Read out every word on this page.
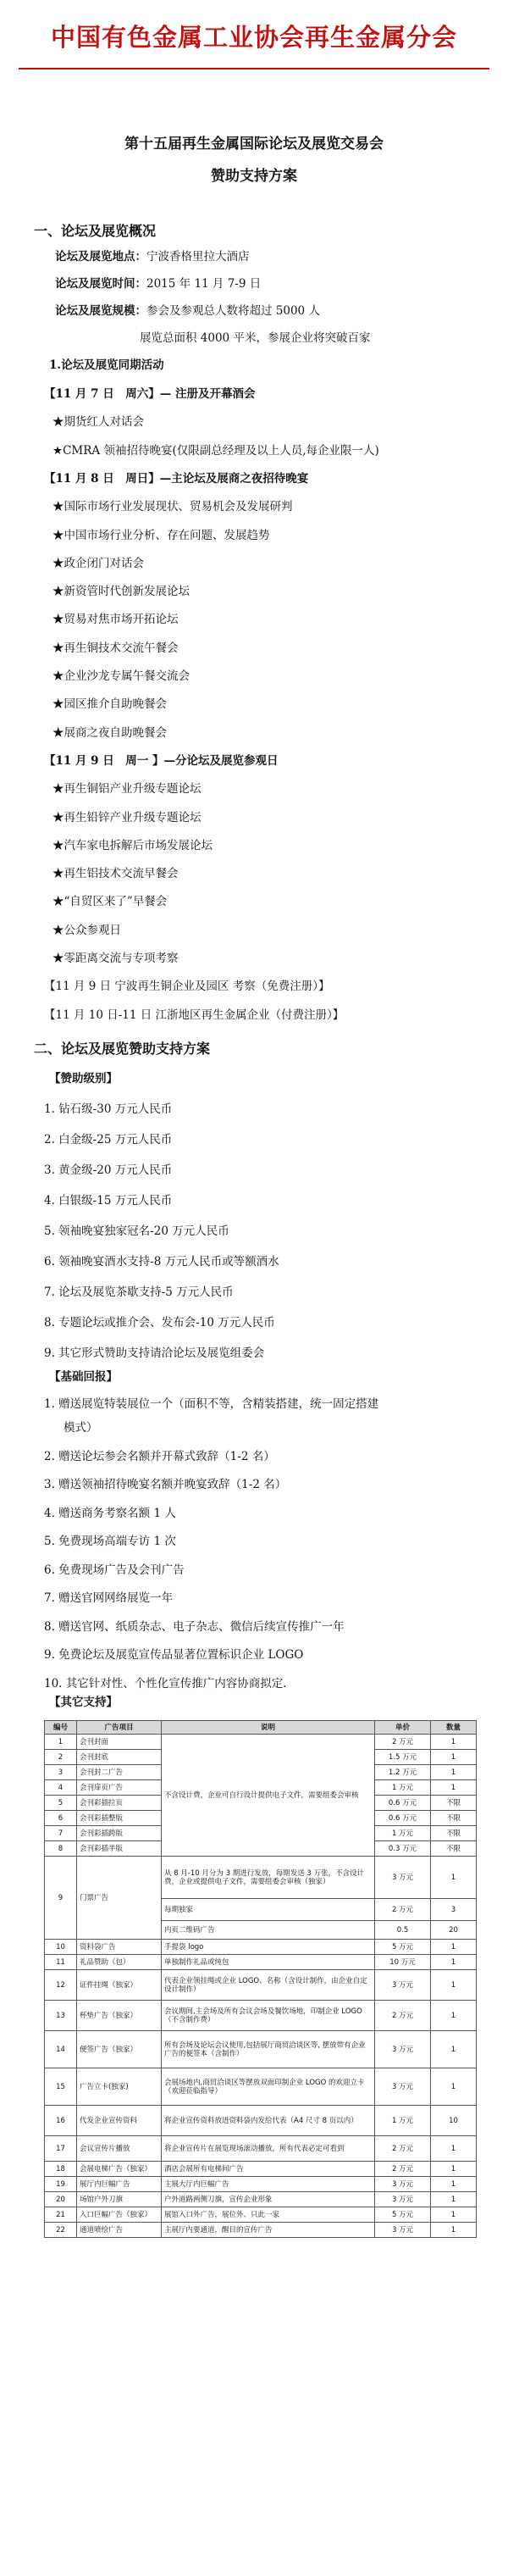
中国有色金属工业协会再生金属分会
第十五届再生金属国际论坛及展览交易会
赞助支持方案
一、论坛及展览概况
论坛及展览地点：宁波香格里拉大酒店
论坛及展览时间：2015 年 11 月 7-9 日
论坛及展览规模：参会及参观总人数将超过 5000 人
展览总面积 4000 平米，参展企业将突破百家
1.论坛及展览同期活动
【11 月 7 日　周六】— 注册及开幕酒会
★期货红人对话会
★CMRA 领袖招待晚宴(仅限副总经理及以上人员,每企业限一人)
【11 月 8 日　周日】—主论坛及展商之夜招待晚宴
★国际市场行业发展现状、贸易机会及发展研判
★中国市场行业分析、存在问题、发展趋势
★政企闭门对话会
★新资管时代创新发展论坛
★贸易对焦市场开拓论坛
★再生铜技术交流午餐会
★企业沙龙专属午餐交流会
★园区推介自助晚餐会
★展商之夜自助晚餐会
【11 月 9 日　周一 】—分论坛及展览参观日
★再生铜铝产业升级专题论坛
★再生铅锌产业升级专题论坛
★汽车家电拆解后市场发展论坛
★再生铝技术交流早餐会
★“自贸区来了”早餐会
★公众参观日
★零距离交流与专项考察
【11 月 9 日 宁波再生铜企业及园区 考察（免费注册）】
【11 月 10 日-11 日 江浙地区再生金属企业（付费注册）】
二、论坛及展览赞助支持方案
【赞助级别】
1. 钻石级-30 万元人民币
2. 白金级-25 万元人民币
3. 黄金级-20 万元人民币
4. 白银级-15 万元人民币
5. 领袖晚宴独家冠名-20 万元人民币
6. 领袖晚宴酒水支持-8 万元人民币或等额酒水
7. 论坛及展览茶歇支持-5 万元人民币
8. 专题论坛或推介会、发布会-10 万元人民币
9. 其它形式赞助支持请洽论坛及展览组委会
【基础回报】
1. 赠送展览特装展位一个（面积不等，含精装搭建，统一固定搭建
模式）
2. 赠送论坛参会名额并开幕式致辞（1-2 名）
3. 赠送领袖招待晚宴名额并晚宴致辞（1-2 名）
4. 赠送商务考察名额 1 人
5. 免费现场高端专访 1 次
6. 免费现场广告及会刊广告
7. 赠送官网网络展览一年
8. 赠送官网、纸质杂志、电子杂志、微信后续宣传推广一年
9. 免费论坛及展览宣传品显著位置标识企业 LOGO
10. 其它针对性、个性化宣传推广内容协商拟定.
【其它支持】
编号	广告项目	说明	单价	数量
1	会刊封面	不含设计费，企业可自行设计提供电子文件，需要组委会审核	2 万元	1
2	会刊封底		1.5 万元	1
3	会刊封二广告		1.2 万元	1
4	会刊扉页广告		1 万元	1
5	会刊彩插拉页		0.6 万元	不限
6	会刊彩插整版		0.6 万元	不限
7	会刊彩插跨版		1 万元	不限
8	会刊彩插半版		0.3 万元	不限
9	门票广告	从 8 月-10 月分为 3 期进行发放，每期发送 3 万张，不含设计费，企业或提供电子文件，需要组委会审核（独家）	3 万元	1
		每期独家	2 万元	3
		内页二维码广告	0.5	20
10	资料袋广告	手提袋 logo	5 万元	1
11	礼品赞助（包）	单独制作礼品或纯包	10 万元	1
12	证件挂绳（独家）	代表企业领挂绳或企业 LOGO、名称（含设计制作，由企业自定设计制作）	3 万元	1
13	杯垫广告（独家）	会议期间,主会场及所有会议会场及餐饮场地，印制企业 LOGO（不含制作费）	2 万元	1
14	便签广告（独家）	所有会场及论坛会议使用,包括展厅商贸洽谈区等, 摆放带有企业广告的便签本（含制作）	3 万元	1
15	广告立卡(独家)	会展场地内,商贸洽谈区等摆放双面印制企业 LOGO 的欢迎立卡（欢迎莅临指导）	3 万元	1
16	代发企业宣传资料	将企业宣传资料放进资料袋内发给代表（A4 尺寸 8 页以内）	1 万元	10
17	会议宣传片播放	将企业宣传片在展览现场滚动播放，所有代表必定可看到	2 万元	1
18	会展电梯广告（独家）	酒店会展所有电梯间广告	2 万元	1
19	展厅内巨幅广告	主展大厅内巨幅广告	3 万元	1
20	场馆户外刀旗	户外道路两侧刀旗，宣传企业形象	3 万元	1
21	入口巨幅广告（独家）	展馆入口外广告，展位外、只此一家	5 万元	1
22	通道喷绘广告	主展厅内要通道，醒目的宣传广告	3 万元	1
